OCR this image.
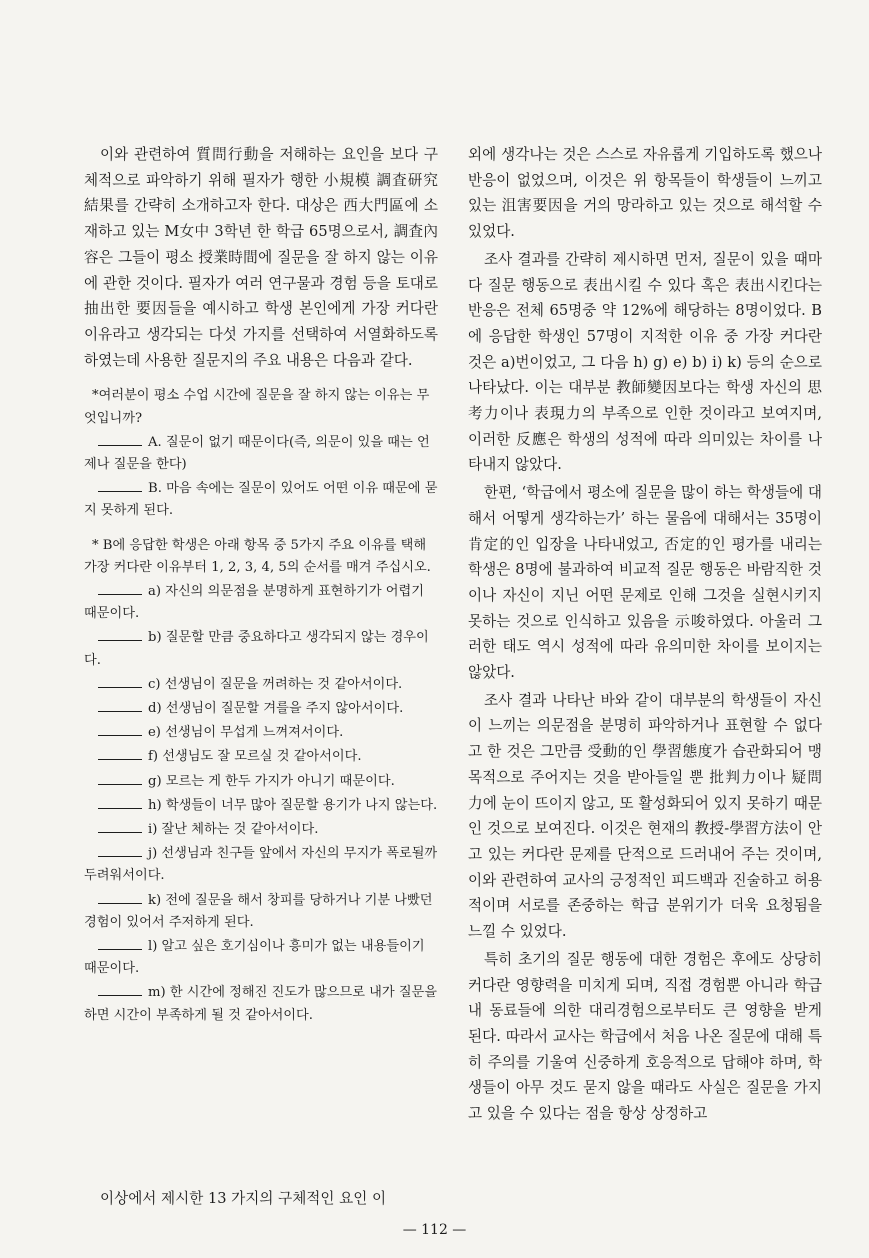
이와 관련하여 質問行動을 저해하는 요인을 보다 구체적으로 파악하기 위해 필자가 행한 小規模 調査研究結果를 간략히 소개하고자 한다. 대상은 西大門區에 소재하고 있는 M女中 3학년 한 학급 65명으로서, 調査內容은 그들이 평소 授業時間에 질문을 잘 하지 않는 이유에 관한 것이다. 필자가 여러 연구물과 경험 등을 토대로 抽出한 要因들을 예시하고 학생 본인에게 가장 커다란 이유라고 생각되는 다섯 가지를 선택하여 서열화하도록 하였는데 사용한 질문지의 주요 내용은 다음과 같다.

*여러분이 평소 수업 시간에 질문을 잘 하지 않는 이유는 무엇입니까?

A. 질문이 없기 때문이다(즉, 의문이 있을 때는 언제나 질문을 한다)

B. 마음 속에는 질문이 있어도 어떤 이유 때문에 묻지 못하게 된다.

* B에 응답한 학생은 아래 항목 중 5가지 주요 이유를 택해 가장 커다란 이유부터 1, 2, 3, 4, 5의 순서를 매겨 주십시오.

a) 자신의 의문점을 분명하게 표현하기가 어렵기 때문이다.

b) 질문할 만큼 중요하다고 생각되지 않는 경우이다.

c) 선생님이 질문을 꺼려하는 것 같아서이다.

d) 선생님이 질문할 겨를을 주지 않아서이다.

e) 선생님이 무섭게 느껴져서이다.

f) 선생님도 잘 모르실 것 같아서이다.

g) 모르는 게 한두 가지가 아니기 때문이다.

h) 학생들이 너무 많아 질문할 용기가 나지 않는다.

i) 잘난 체하는 것 같아서이다.

j) 선생님과 친구들 앞에서 자신의 무지가 폭로될까 두려워서이다.

k) 전에 질문을 해서 창피를 당하거나 기분 나빴던 경험이 있어서 주저하게 된다.

l) 알고 싶은 호기심이나 흥미가 없는 내용들이기 때문이다.

m) 한 시간에 정해진 진도가 많으므로 내가 질문을 하면 시간이 부족하게 될 것 같아서이다.

이상에서 제시한 13 가지의 구체적인 요인 이

외에 생각나는 것은 스스로 자유롭게 기입하도록 했으나 반응이 없었으며, 이것은 위 항목들이 학생들이 느끼고 있는 沮害要因을 거의 망라하고 있는 것으로 해석할 수 있었다.

조사 결과를 간략히 제시하면 먼저, 질문이 있을 때마다 질문 행동으로 表出시킬 수 있다 혹은 表出시킨다는 반응은 전체 65명중 약 12%에 해당하는 8명이었다. B에 응답한 학생인 57명이 지적한 이유 중 가장 커다란 것은 a)번이었고, 그 다음 h) g) e) b) i) k) 등의 순으로 나타났다. 이는 대부분 教師變因보다는 학생 자신의 思考力이나 表現力의 부족으로 인한 것이라고 보여지며, 이러한 反應은 학생의 성적에 따라 의미있는 차이를 나타내지 않았다.

한편, ‘학급에서 평소에 질문을 많이 하는 학생들에 대해서 어떻게 생각하는가’ 하는 물음에 대해서는 35명이 肯定的인 입장을 나타내었고, 否定的인 평가를 내리는 학생은 8명에 불과하여 비교적 질문 행동은 바람직한 것이나 자신이 지닌 어떤 문제로 인해 그것을 실현시키지 못하는 것으로 인식하고 있음을 示唆하였다. 아울러 그러한 태도 역시 성적에 따라 유의미한 차이를 보이지는 않았다.

조사 결과 나타난 바와 같이 대부분의 학생들이 자신이 느끼는 의문점을 분명히 파악하거나 표현할 수 없다고 한 것은 그만큼 受動的인 學習態度가 습관화되어 맹목적으로 주어지는 것을 받아들일 뿐 批判力이나 疑問力에 눈이 뜨이지 않고, 또 활성화되어 있지 못하기 때문인 것으로 보여진다. 이것은 현재의 教授-學習方法이 안고 있는 커다란 문제를 단적으로 드러내어 주는 것이며, 이와 관련하여 교사의 긍정적인 피드백과 진술하고 허용적이며 서로를 존중하는 학급 분위기가 더욱 요청됨을 느낄 수 있었다.

특히 초기의 질문 행동에 대한 경험은 후에도 상당히 커다란 영향력을 미치게 되며, 직접 경험뿐 아니라 학급내 동료들에 의한 대리경험으로부터도 큰 영향을 받게 된다. 따라서 교사는 학급에서 처음 나온 질문에 대해 특히 주의를 기울여 신중하게 호응적으로 답해야 하며, 학생들이 아무 것도 묻지 않을 때라도 사실은 질문을 가지고 있을 수 있다는 점을 항상 상정하고

— 112 —
